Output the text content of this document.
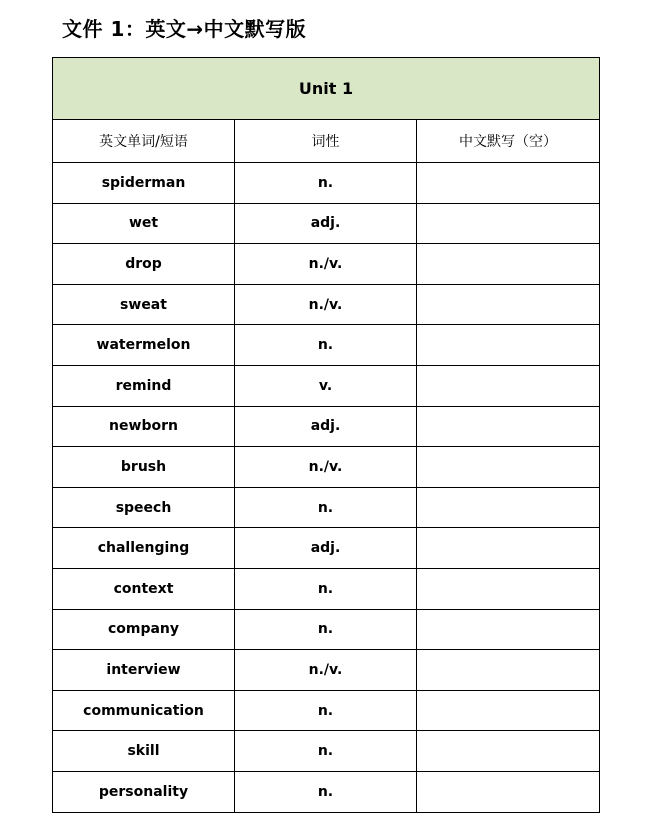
文件 1：英文→中文默写版
Unit 1		
英文单词/短语	词性	中文默写（空）
spiderman	n.	
wet	adj.	
drop	n./v.	
sweat	n./v.	
watermelon	n.	
remind	v.	
newborn	adj.	
brush	n./v.	
speech	n.	
challenging	adj.	
context	n.	
company	n.	
interview	n./v.	
communication	n.	
skill	n.	
personality	n.	
